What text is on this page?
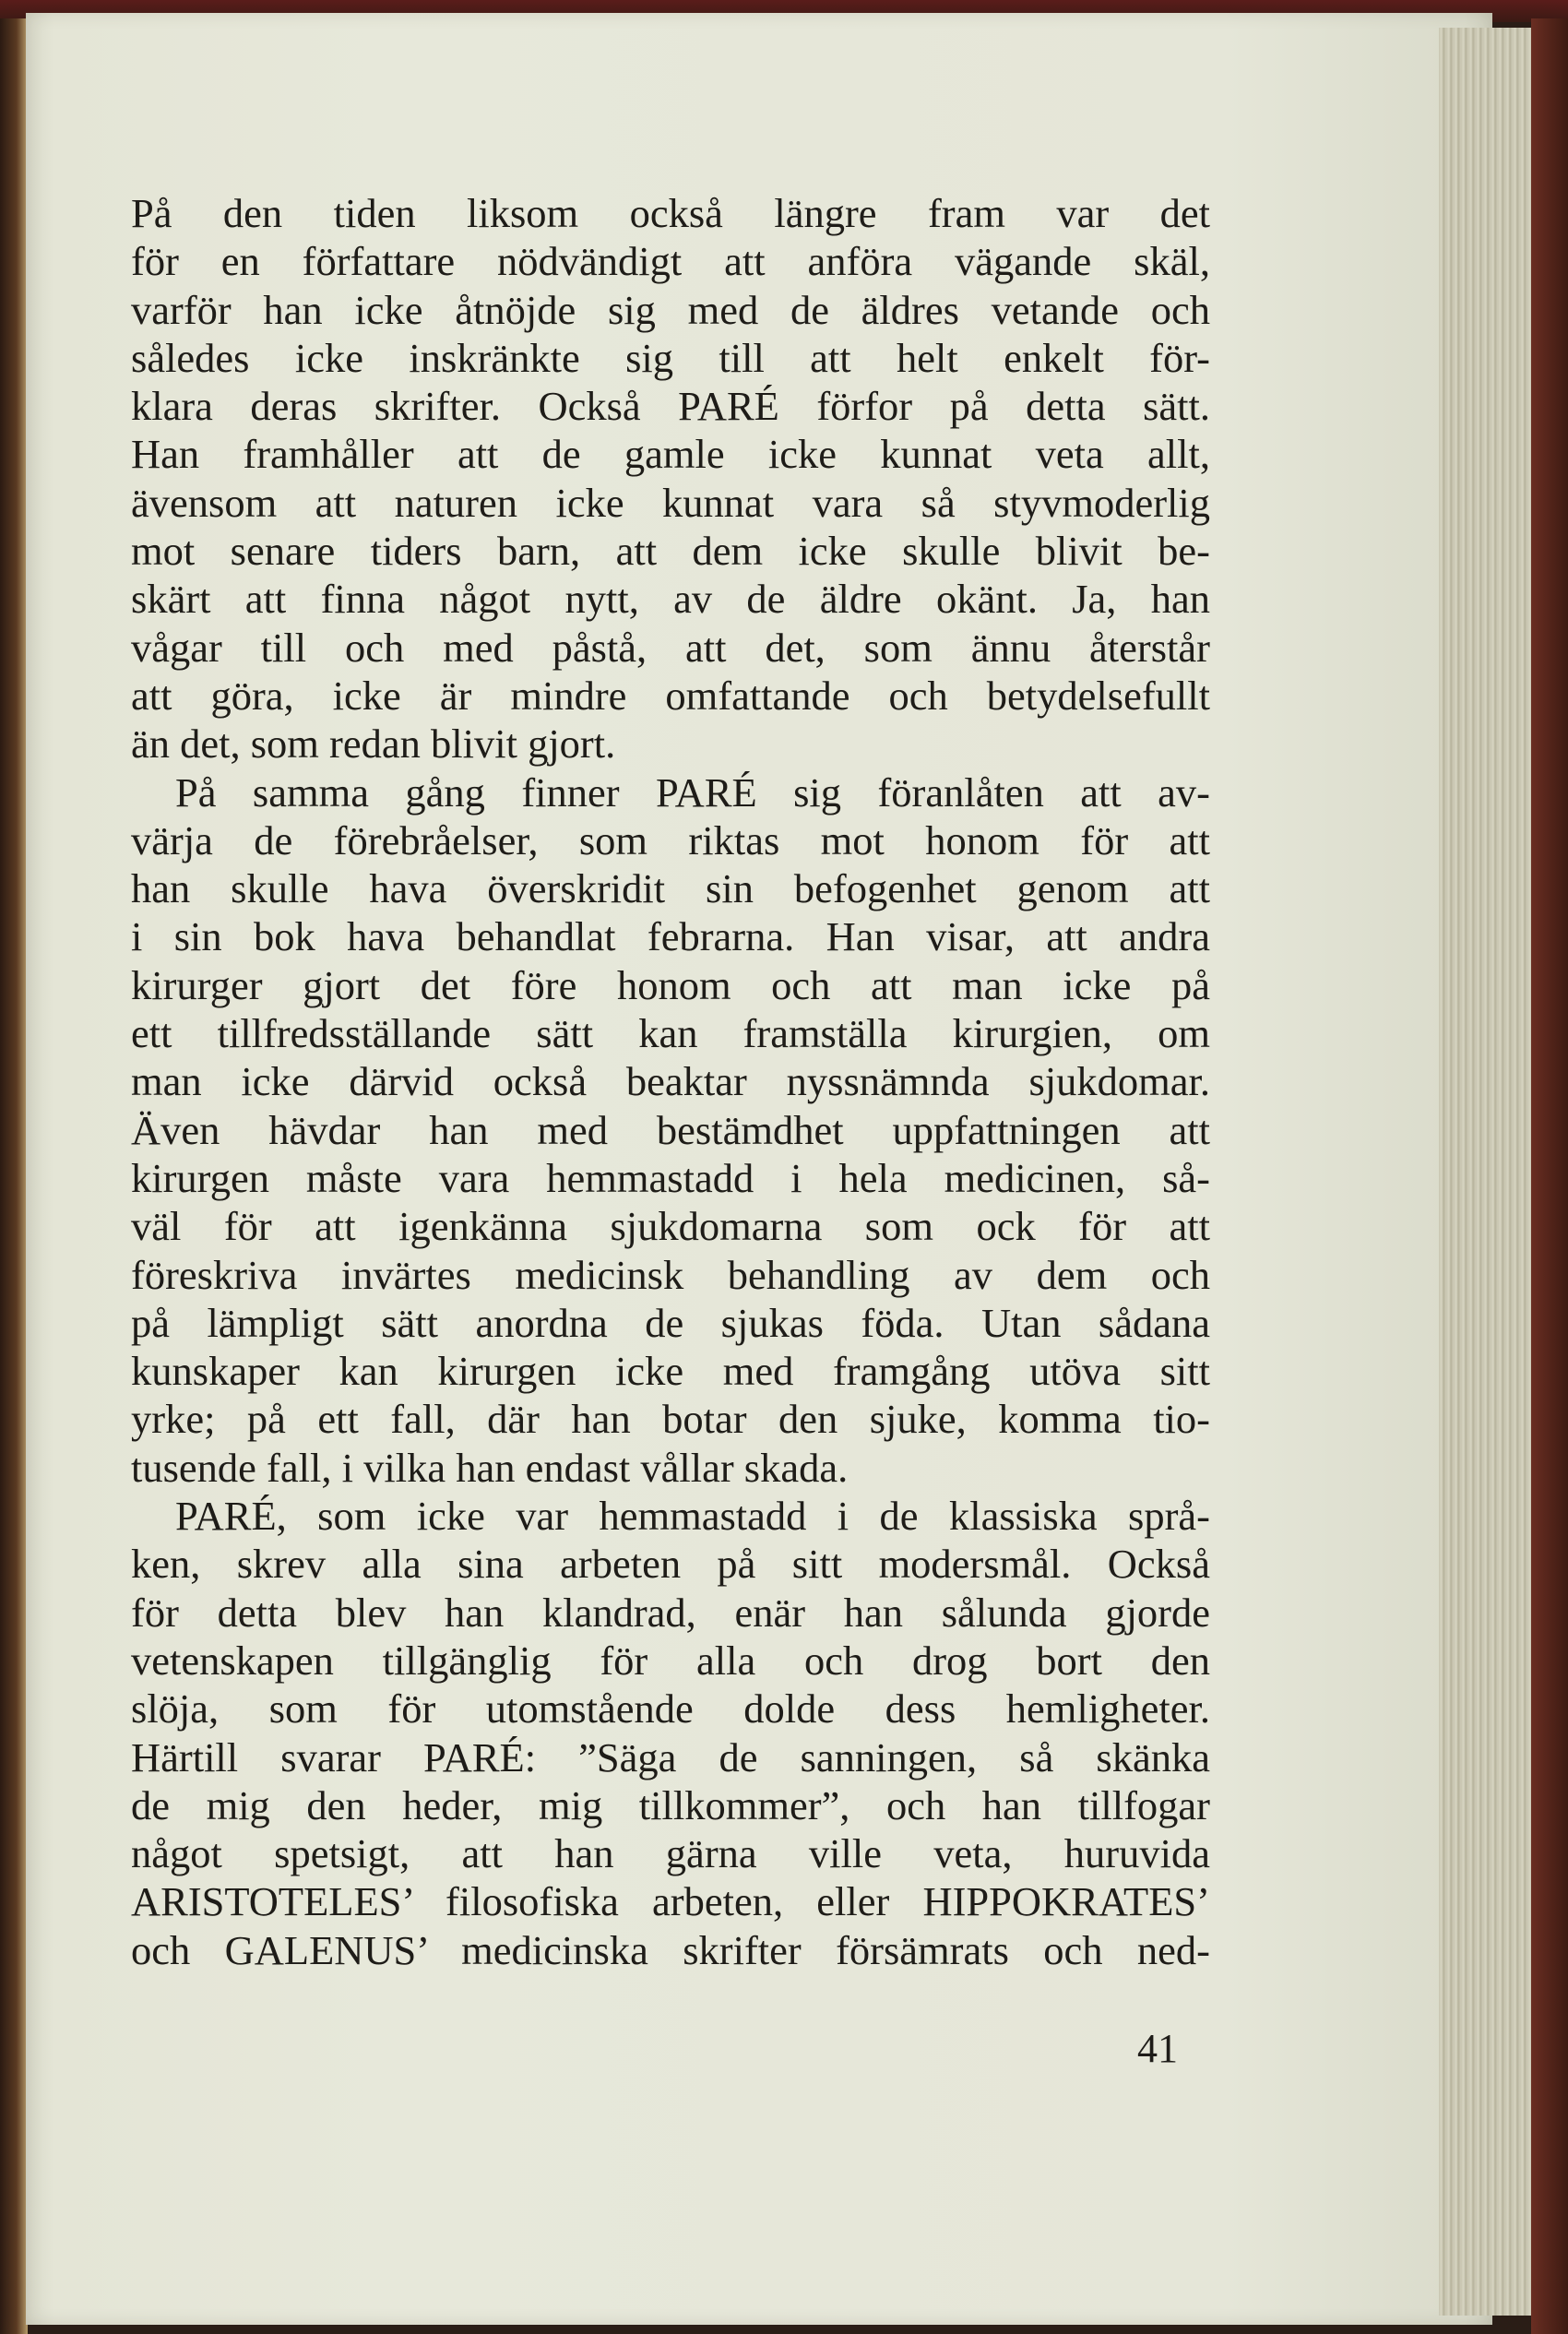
På den tiden liksom också längre fram var det
för en författare nödvändigt att anföra vägande skäl,
varför han icke åtnöjde sig med de äldres vetande och
således icke inskränkte sig till att helt enkelt för-
klara deras skrifter. Också PARÉ förfor på detta sätt.
Han framhåller att de gamle icke kunnat veta allt,
ävensom att naturen icke kunnat vara så styvmoderlig
mot senare tiders barn, att dem icke skulle blivit be-
skärt att finna något nytt, av de äldre okänt. Ja, han
vågar till och med påstå, att det, som ännu återstår
att göra, icke är mindre omfattande och betydelsefullt
än det, som redan blivit gjort.
På samma gång finner PARÉ sig föranlåten att av-
värja de förebråelser, som riktas mot honom för att
han skulle hava överskridit sin befogenhet genom att
i sin bok hava behandlat febrarna. Han visar, att andra
kirurger gjort det före honom och att man icke på
ett tillfredsställande sätt kan framställa kirurgien, om
man icke därvid också beaktar nyssnämnda sjukdomar.
Även hävdar han med bestämdhet uppfattningen att
kirurgen måste vara hemmastadd i hela medicinen, så-
väl för att igenkänna sjukdomarna som ock för att
föreskriva invärtes medicinsk behandling av dem och
på lämpligt sätt anordna de sjukas föda. Utan sådana
kunskaper kan kirurgen icke med framgång utöva sitt
yrke; på ett fall, där han botar den sjuke, komma tio-
tusende fall, i vilka han endast vållar skada.
PARÉ, som icke var hemmastadd i de klassiska språ-
ken, skrev alla sina arbeten på sitt modersmål. Också
för detta blev han klandrad, enär han sålunda gjorde
vetenskapen tillgänglig för alla och drog bort den
slöja, som för utomstående dolde dess hemligheter.
Härtill svarar PARÉ: ”Säga de sanningen, så skänka
de mig den heder, mig tillkommer”, och han tillfogar
något spetsigt, att han gärna ville veta, huruvida
ARISTOTELES’ filosofiska arbeten, eller HIPPOKRATES’
och GALENUS’ medicinska skrifter försämrats och ned-
41
